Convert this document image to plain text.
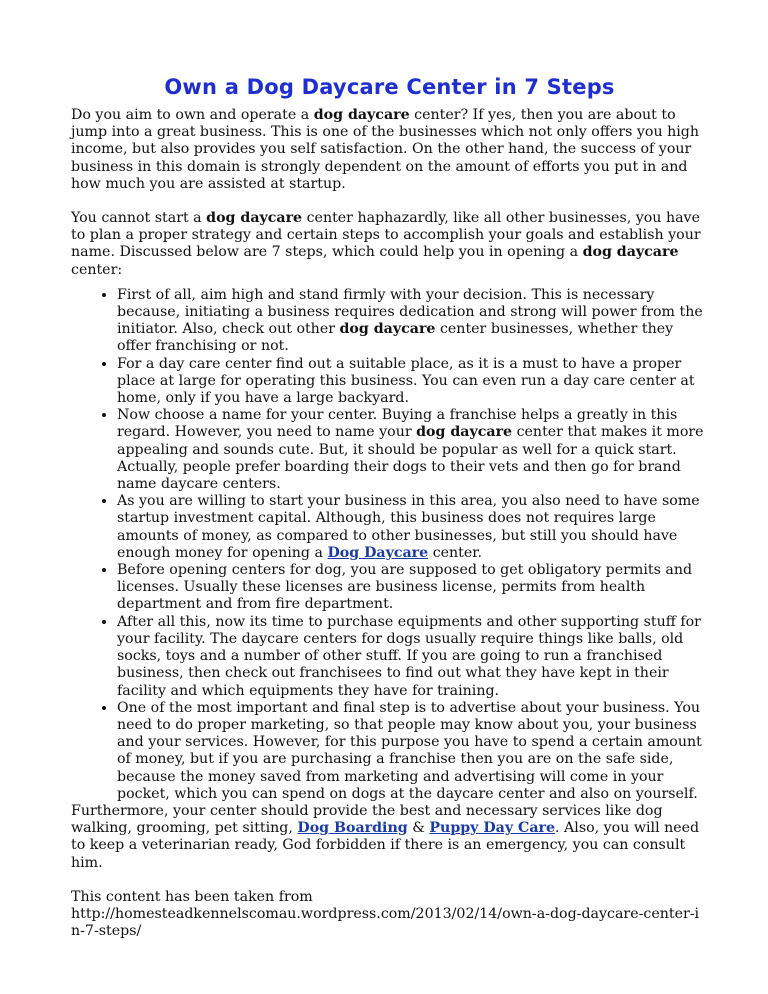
Own a Dog Daycare Center in 7 Steps

Do you aim to own and operate a dog daycare center? If yes, then you are about to jump into a great business. This is one of the businesses which not only offers you high income, but also provides you self satisfaction. On the other hand, the success of your business in this domain is strongly dependent on the amount of efforts you put in and how much you are assisted at startup.

You cannot start a dog daycare center haphazardly, like all other businesses, you have to plan a proper strategy and certain steps to accomplish your goals and establish your name. Discussed below are 7 steps, which could help you in opening a dog daycare center:

• First of all, aim high and stand firmly with your decision. This is necessary because, initiating a business requires dedication and strong will power from the initiator. Also, check out other dog daycare center businesses, whether they offer franchising or not.
• For a day care center find out a suitable place, as it is a must to have a proper place at large for operating this business. You can even run a day care center at home, only if you have a large backyard.
• Now choose a name for your center. Buying a franchise helps a greatly in this regard. However, you need to name your dog daycare center that makes it more appealing and sounds cute. But, it should be popular as well for a quick start. Actually, people prefer boarding their dogs to their vets and then go for brand name daycare centers.
• As you are willing to start your business in this area, you also need to have some startup investment capital. Although, this business does not requires large amounts of money, as compared to other businesses, but still you should have enough money for opening a Dog Daycare center.
• Before opening centers for dog, you are supposed to get obligatory permits and licenses. Usually these licenses are business license, permits from health department and from fire department.
• After all this, now its time to purchase equipments and other supporting stuff for your facility. The daycare centers for dogs usually require things like balls, old socks, toys and a number of other stuff. If you are going to run a franchised business, then check out franchisees to find out what they have kept in their facility and which equipments they have for training.
• One of the most important and final step is to advertise about your business. You need to do proper marketing, so that people may know about you, your business and your services. However, for this purpose you have to spend a certain amount of money, but if you are purchasing a franchise then you are on the safe side, because the money saved from marketing and advertising will come in your pocket, which you can spend on dogs at the daycare center and also on yourself.

Furthermore, your center should provide the best and necessary services like dog walking, grooming, pet sitting, Dog Boarding & Puppy Day Care. Also, you will need to keep a veterinarian ready, God forbidden if there is an emergency, you can consult him.

This content has been taken from
http://homesteadkennelscomau.wordpress.com/2013/02/14/own-a-dog-daycare-center-in-7-steps/
